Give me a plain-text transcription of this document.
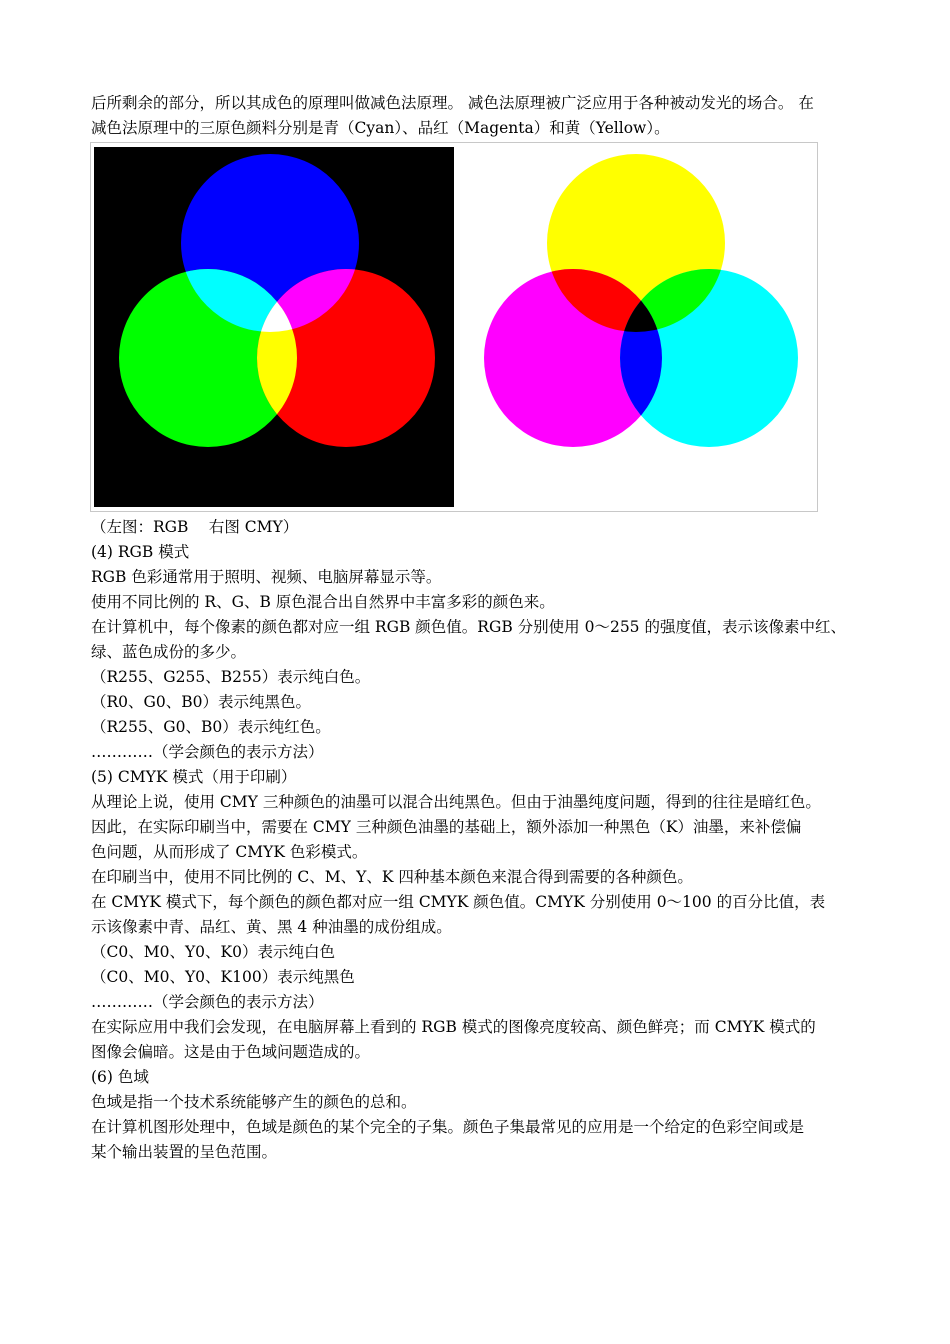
后所剩余的部分，所以其成色的原理叫做减色法原理。 减色法原理被广泛应用于各种被动发光的场合。 在
减色法原理中的三原色颜料分别是青（Cyan）、品红（Magenta）和黄（Yellow）。
（左图：RGB　 右图 CMY）
(4) RGB 模式
RGB 色彩通常用于照明、视频、电脑屏幕显示等。
使用不同比例的 R、G、B 原色混合出自然界中丰富多彩的颜色来。
在计算机中，每个像素的颜色都对应一组 RGB 颜色值。RGB 分别使用 0～255 的强度值，表示该像素中红、
绿、蓝色成份的多少。
（R255、G255、B255）表示纯白色。
（R0、G0、B0）表示纯黑色。
（R255、G0、B0）表示纯红色。
…………（学会颜色的表示方法）
(5) CMYK 模式（用于印刷）
从理论上说，使用 CMY 三种颜色的油墨可以混合出纯黑色。但由于油墨纯度问题，得到的往往是暗红色。
因此，在实际印刷当中，需要在 CMY 三种颜色油墨的基础上，额外添加一种黑色（K）油墨，来补偿偏
色问题，从而形成了 CMYK 色彩模式。
在印刷当中，使用不同比例的 C、M、Y、K 四种基本颜色来混合得到需要的各种颜色。
在 CMYK 模式下，每个颜色的颜色都对应一组 CMYK 颜色值。CMYK 分别使用 0～100 的百分比值，表
示该像素中青、品红、黄、黑 4 种油墨的成份组成。
（C0、M0、Y0、K0）表示纯白色
（C0、M0、Y0、K100）表示纯黑色
…………（学会颜色的表示方法）
在实际应用中我们会发现，在电脑屏幕上看到的 RGB 模式的图像亮度较高、颜色鲜亮；而 CMYK 模式的
图像会偏暗。这是由于色域问题造成的。
(6) 色域
色域是指一个技术系统能够产生的颜色的总和。
在计算机图形处理中，色域是颜色的某个完全的子集。颜色子集最常见的应用是一个给定的色彩空间或是
某个输出装置的呈色范围。
